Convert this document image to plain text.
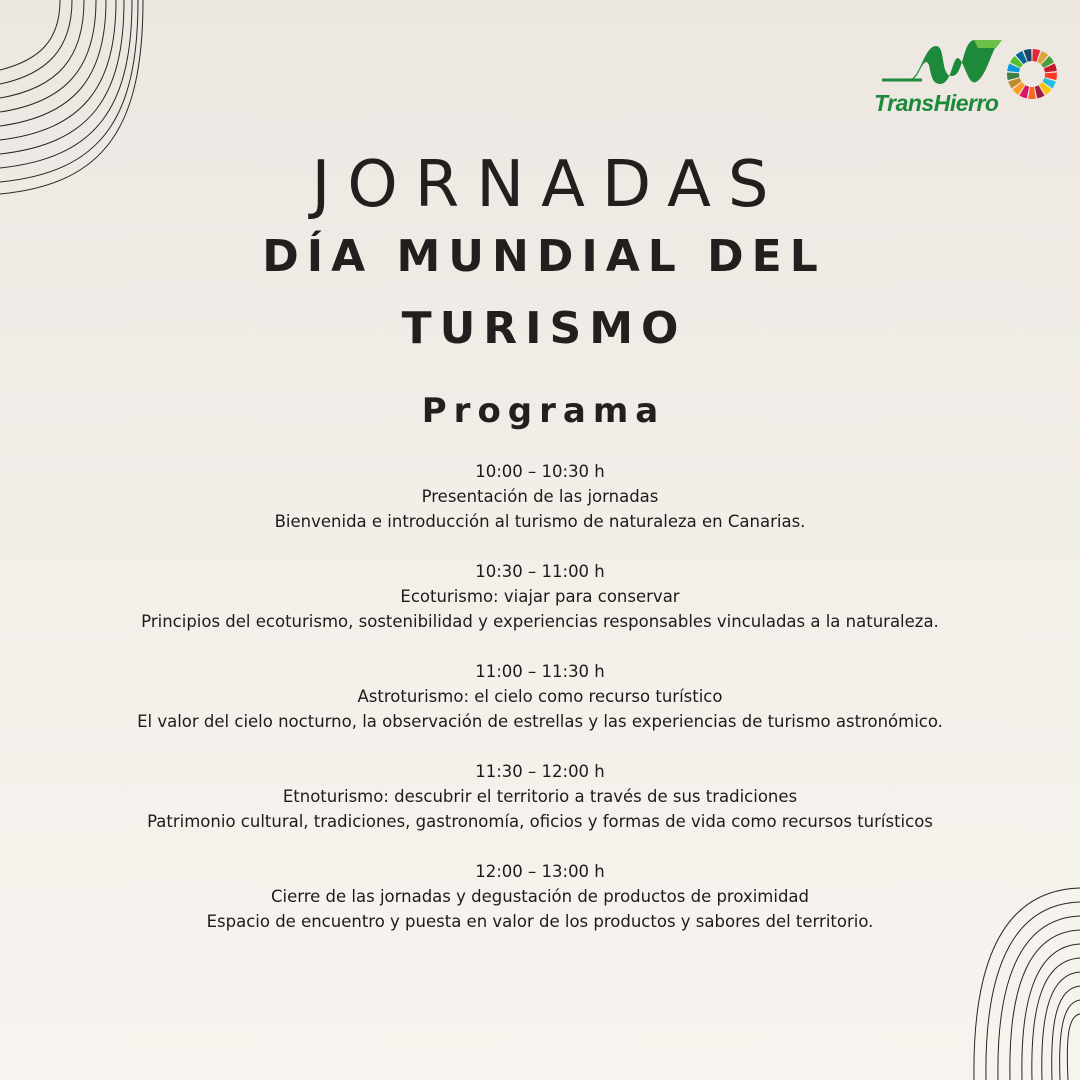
TransHierro
JORNADAS
DÍA MUNDIAL DEL
TURISMO
Programa
10:00 – 10:30 h
Presentación de las jornadas
Bienvenida e introducción al turismo de naturaleza en Canarias.
10:30 – 11:00 h
Ecoturismo: viajar para conservar
Principios del ecoturismo, sostenibilidad y experiencias responsables vinculadas a la naturaleza.
11:00 – 11:30 h
Astroturismo: el cielo como recurso turístico
El valor del cielo nocturno, la observación de estrellas y las experiencias de turismo astronómico.
11:30 – 12:00 h
Etnoturismo: descubrir el territorio a través de sus tradiciones
Patrimonio cultural, tradiciones, gastronomía, oficios y formas de vida como recursos turísticos
12:00 – 13:00 h
Cierre de las jornadas y degustación de productos de proximidad
Espacio de encuentro y puesta en valor de los productos y sabores del territorio.
